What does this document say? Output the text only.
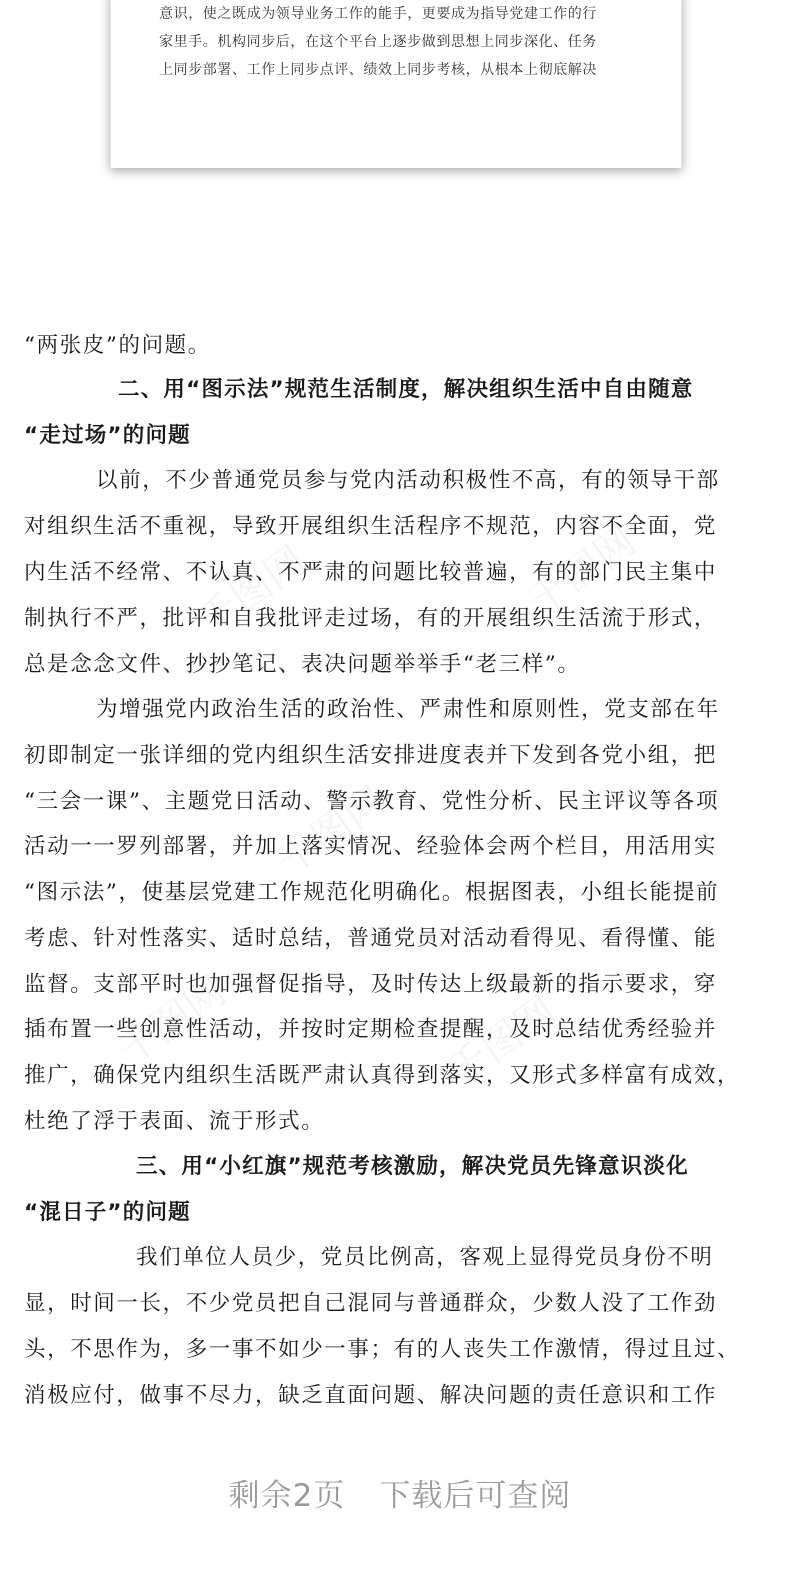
意识，使之既成为领导业务工作的能手，更要成为指导党建工作的行
家里手。机构同步后，在这个平台上逐步做到思想上同步深化、任务
上同步部署、工作上同步点评、绩效上同步考核，从根本上彻底解决
千图网	千图网
千图网
千图网	千图网
“两张皮”的问题。
二、用“图示法”规范生活制度，解决组织生活中自由随意
“走过场”的问题
以前，不少普通党员参与党内活动积极性不高，有的领导干部
对组织生活不重视，导致开展组织生活程序不规范，内容不全面，党
内生活不经常、不认真、不严肃的问题比较普遍，有的部门民主集中
制执行不严，批评和自我批评走过场，有的开展组织生活流于形式，
总是念念文件、抄抄笔记、表决问题举举手“老三样”。
为增强党内政治生活的政治性、严肃性和原则性，党支部在年
初即制定一张详细的党内组织生活安排进度表并下发到各党小组，把
“三会一课”、主题党日活动、警示教育、党性分析、民主评议等各项
活动一一罗列部署，并加上落实情况、经验体会两个栏目，用活用实
“图示法”，使基层党建工作规范化明确化。根据图表，小组长能提前
考虑、针对性落实、适时总结，普通党员对活动看得见、看得懂、能
监督。支部平时也加强督促指导，及时传达上级最新的指示要求，穿
插布置一些创意性活动，并按时定期检查提醒，及时总结优秀经验并
推广，确保党内组织生活既严肃认真得到落实，又形式多样富有成效，
杜绝了浮于表面、流于形式。
三、用“小红旗”规范考核激励，解决党员先锋意识淡化
“混日子”的问题
我们单位人员少，党员比例高，客观上显得党员身份不明
显，时间一长，不少党员把自己混同与普通群众，少数人没了工作劲
头，不思作为，多一事不如少一事；有的人丧失工作激情，得过且过、
消极应付，做事不尽力，缺乏直面问题、解决问题的责任意识和工作
剩余2页 下载后可查阅
